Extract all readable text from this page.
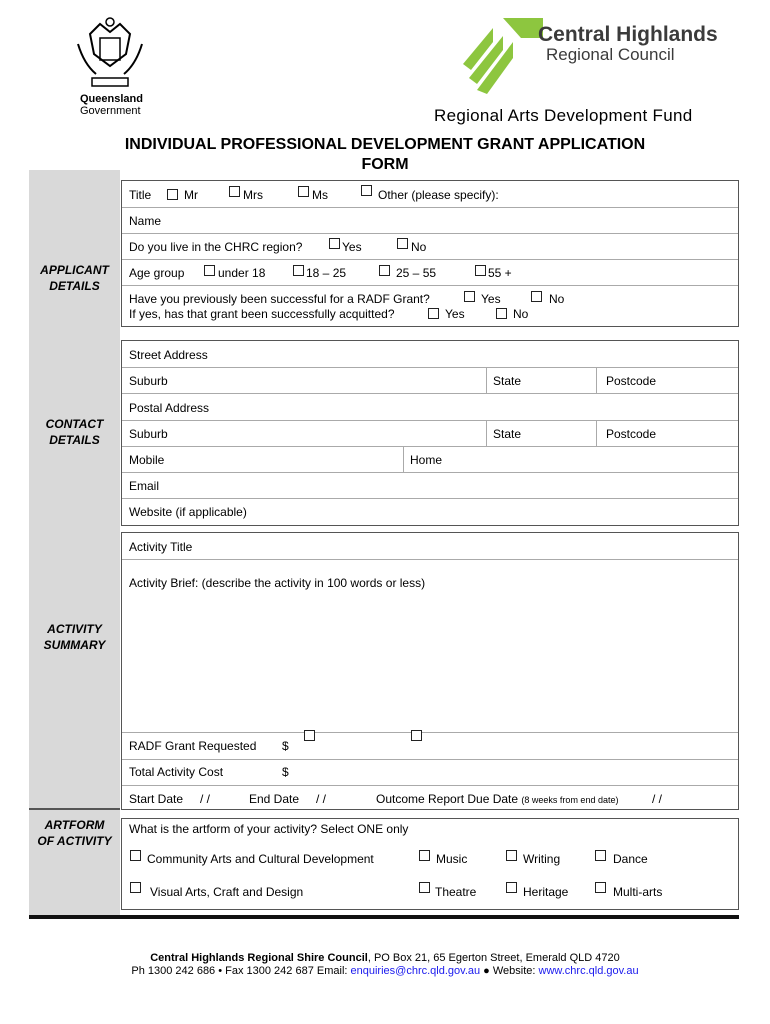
Queensland
Government
Central Highlands
Regional Council
Regional Arts Development Fund
INDIVIDUAL PROFESSIONAL DEVELOPMENT GRANT APPLICATION
FORM
APPLICANT
DETAILS
CONTACT
DETAILS
ACTIVITY
SUMMARY
ARTFORM
OF ACTIVITY
Title	Mr	Mrs	Ms	Other (please specify):
Name
Do you live in the CHRC region?	Yes	No
Age group	under 18	18 – 25	25 – 55	55 +
Have you previously been successful for a RADF Grant?	Yes	No
If yes, has that grant been successfully acquitted?	Yes	No
Street Address
Suburb	State	Postcode
Postal Address
Suburb	State	Postcode
Mobile	Home
Email
Website (if applicable)
Activity Title
Activity Brief: (describe the activity in 100 words or less)
RADF Grant Requested $
Total Activity Cost	$
Start Date / /	End Date / /	Outcome Report Due Date (8 weeks from end date)	/ /
What is the artform of your activity? Select ONE only
Community Arts and Cultural Development	Music	Writing	Dance
Visual Arts, Craft and Design	Theatre	Heritage	Multi-arts
Central Highlands Regional Shire Council, PO Box 21, 65 Egerton Street, Emerald QLD 4720
Ph 1300 242 686 • Fax 1300 242 687 Email: enquiries@chrc.qld.gov.au ● Website: www.chrc.qld.gov.au
